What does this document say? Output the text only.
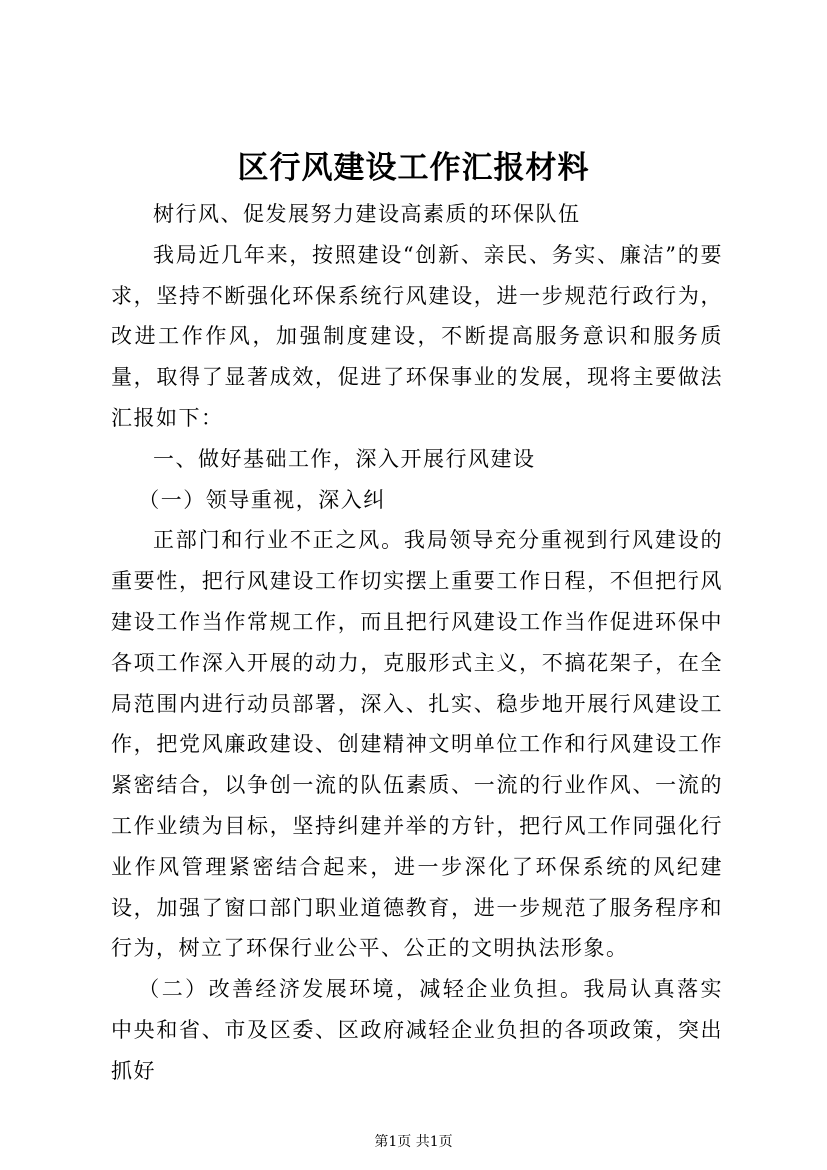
区行风建设工作汇报材料

树行风、促发展努力建设高素质的环保队伍

我局近几年来，按照建设“创新、亲民、务实、廉洁”的要求，坚持不断强化环保系统行风建设，进一步规范行政行为，改进工作作风，加强制度建设，不断提高服务意识和服务质量，取得了显著成效，促进了环保事业的发展，现将主要做法汇报如下：

一、做好基础工作，深入开展行风建设

（一）领导重视，深入纠

正部门和行业不正之风。我局领导充分重视到行风建设的重要性，把行风建设工作切实摆上重要工作日程，不但把行风建设工作当作常规工作，而且把行风建设工作当作促进环保中各项工作深入开展的动力，克服形式主义，不搞花架子，在全局范围内进行动员部署，深入、扎实、稳步地开展行风建设工作，把党风廉政建设、创建精神文明单位工作和行风建设工作紧密结合，以争创一流的队伍素质、一流的行业作风、一流的工作业绩为目标，坚持纠建并举的方针，把行风工作同强化行业作风管理紧密结合起来，进一步深化了环保系统的风纪建设，加强了窗口部门职业道德教育，进一步规范了服务程序和行为，树立了环保行业公平、公正的文明执法形象。

（二）改善经济发展环境，减轻企业负担。我局认真落实中央和省、市及区委、区政府减轻企业负担的各项政策，突出抓好

第1页 共1页
